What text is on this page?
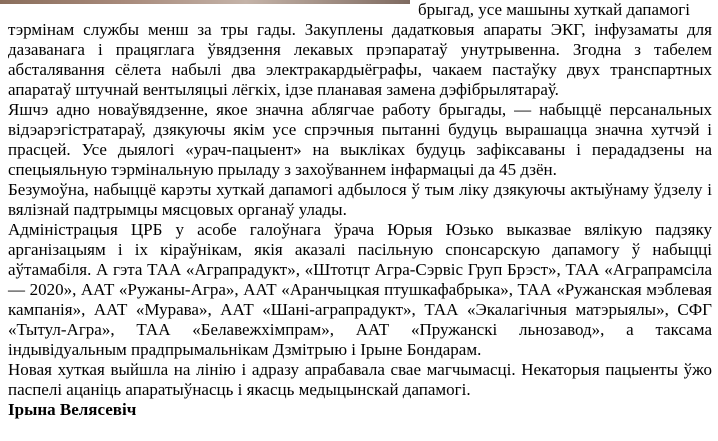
брыгад, усе машыны хуткай дапамогі

тэрмінам службы менш за тры гады. Закуплены дадатковыя апараты ЭКГ, інфузаматы для дазаванага і працяглага ўвядзення лекавых прэпаратаў унутрывенна. Згодна з табелем абсталявання сёлета набылі два электракардыёграфы, чакаем пастаўку двух транспартных апаратаў штучнай вентыляцыі лёгкіх, ідзе планавая замена дэфібрылятараў.

Яшчэ адно новаўвядзенне, якое значна аблягчае работу брыгады, — набыццё персанальных відэарэгістратараў, дзякуючы якім усе спрэчныя пытанні будуць вырашацца значна хутчэй і прасцей. Усе дыялогі «урач-пацыент» на выкліках будуць зафіксаваны і перададзены на спецыяльную тэрмінальную прыладу з захоўваннем інфармацыі да 45 дзён.

Безумоўна, набыццё карэты хуткай дапамогі адбылося ў тым ліку дзякуючы актыўнаму ўдзелу і вялізнай падтрымцы мясцовых органаў улады.

Адміністрацыя ЦРБ у асобе галоўнага ўрача Юрыя Юзько выказвае вялікую падзяку арганізацыям і іх кіраўнікам, якія аказалі пасільную спонсарскую дапамогу ў набыцці аўтамабіля. А гэта ТАА «Аграпрадукт», «Штотцт Агра-Сэрвіс Груп Брэст», ТАА «Аграпрамсіла — 2020», ААТ «Ружаны-Агра», ААТ «Аранчыцкая птушкафабрыка», ТАА «Ружанская мэблевая кампанія», ААТ «Мурава», ААТ «Шані-аграпрадукт», ТАА «Экалагічныя матэрыялы», СФГ «Тытул-Агра», ТАА «Белавежхімпрам», ААТ «Пружанскі льнозавод», а таксама індывідуальным прадпрымальнікам Дзмітрыю і Ірыне Бондарам.

Новая хуткая выйшла на лінію і адразу апрабавала свае магчымасці. Некаторыя пацыенты ўжо паспелі ацаніць апаратыўнасць і якасць медыцынскай дапамогі.

Ірына Велясевіч
